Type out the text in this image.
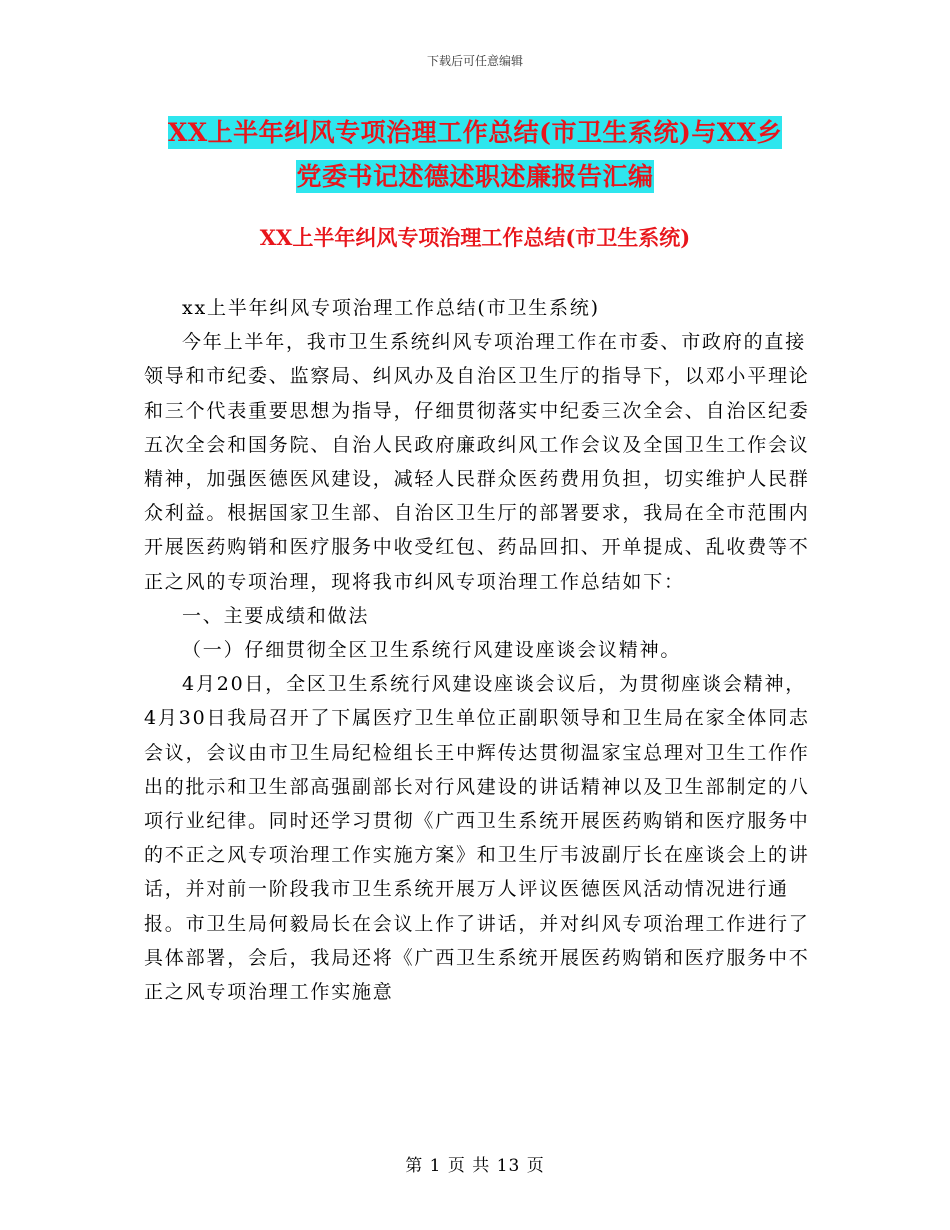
下载后可任意编辑
XX上半年纠风专项治理工作总结(市卫生系统)与XX乡
党委书记述德述职述廉报告汇编
XX上半年纠风专项治理工作总结(市卫生系统)

xx上半年纠风专项治理工作总结(市卫生系统)

今年上半年，我市卫生系统纠风专项治理工作在市委、市政府的直接领导和市纪委、监察局、纠风办及自治区卫生厅的指导下，以邓小平理论和三个代表重要思想为指导，仔细贯彻落实中纪委三次全会、自治区纪委五次全会和国务院、自治人民政府廉政纠风工作会议及全国卫生工作会议精神，加强医德医风建设，减轻人民群众医药费用负担，切实维护人民群众利益。根据国家卫生部、自治区卫生厅的部署要求，我局在全市范围内开展医药购销和医疗服务中收受红包、药品回扣、开单提成、乱收费等不正之风的专项治理，现将我市纠风专项治理工作总结如下：

一、主要成绩和做法

（一）仔细贯彻全区卫生系统行风建设座谈会议精神。

4月20日，全区卫生系统行风建设座谈会议后，为贯彻座谈会精神，4月30日我局召开了下属医疗卫生单位正副职领导和卫生局在家全体同志会议，会议由市卫生局纪检组长王中辉传达贯彻温家宝总理对卫生工作作出的批示和卫生部高强副部长对行风建设的讲话精神以及卫生部制定的八项行业纪律。同时还学习贯彻《广西卫生系统开展医药购销和医疗服务中的不正之风专项治理工作实施方案》和卫生厅韦波副厅长在座谈会上的讲话，并对前一阶段我市卫生系统开展万人评议医德医风活动情况进行通报。市卫生局何毅局长在会议上作了讲话，并对纠风专项治理工作进行了具体部署，会后，我局还将《广西卫生系统开展医药购销和医疗服务中不正之风专项治理工作实施意

第 1 页 共 13 页
